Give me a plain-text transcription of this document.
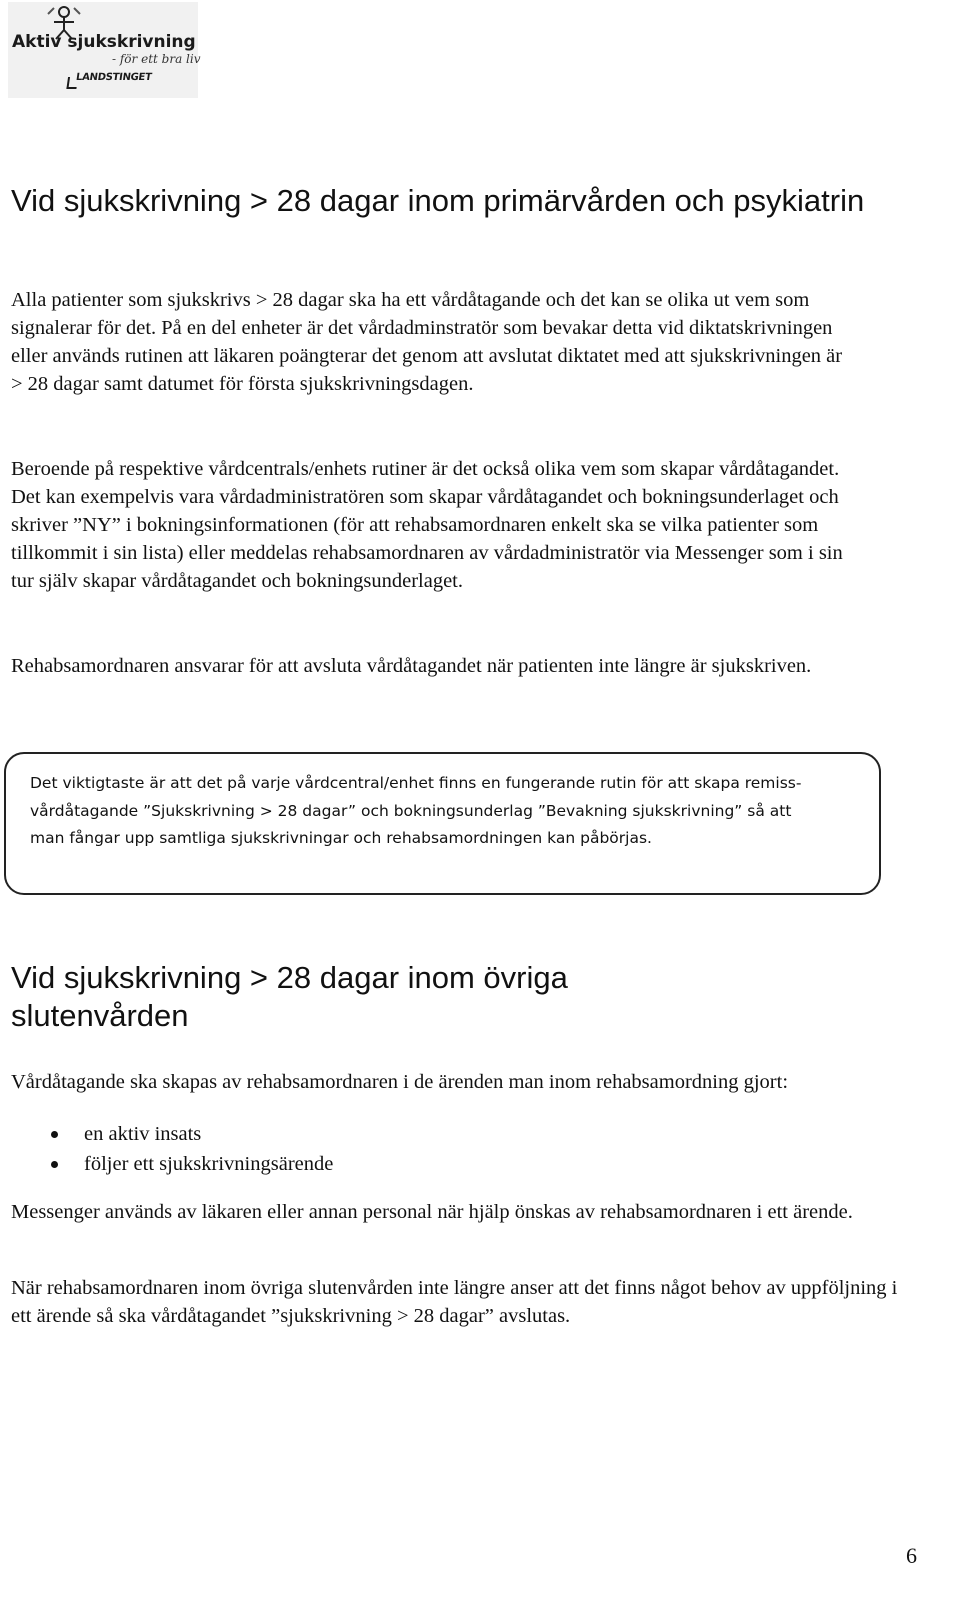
Aktiv sjukskrivning
- för ett bra liv
LANDSTINGET
Vid sjukskrivning > 28 dagar inom primärvården och psykiatrin

Alla patienter som sjukskrivs > 28 dagar ska ha ett vårdåtagande och det kan se olika ut vem som signalerar för det. På en del enheter är det vårdadminstratör som bevakar detta vid diktatskrivningen eller används rutinen att läkaren poängterar det genom att avslutat diktatet med att sjukskrivningen är > 28 dagar samt datumet för första sjukskrivningsdagen.

Beroende på respektive vårdcentrals/enhets rutiner är det också olika vem som skapar vårdåtagandet. Det kan exempelvis vara vårdadministratören som skapar vårdåtagandet och bokningsunderlaget och skriver ”NY” i bokningsinformationen (för att rehabsamordnaren enkelt ska se vilka patienter som tillkommit i sin lista) eller meddelas rehabsamordnaren av vårdadministratör via Messenger som i sin tur själv skapar vårdåtagandet och bokningsunderlaget.

Rehabsamordnaren ansvarar för att avsluta vårdåtagandet när patienten inte längre är sjukskriven.

Det viktigtaste är att det på varje vårdcentral/enhet finns en fungerande rutin för att skapa remiss-vårdåtagande ”Sjukskrivning > 28 dagar” och bokningsunderlag ”Bevakning sjukskrivning” så att man fångar upp samtliga sjukskrivningar och rehabsamordningen kan påbörjas.

Vid sjukskrivning > 28 dagar inom övriga slutenvården

Vårdåtagande ska skapas av rehabsamordnaren i de ärenden man inom rehabsamordning gjort:

en aktiv insats
följer ett sjukskrivningsärende

Messenger används av läkaren eller annan personal när hjälp önskas av rehabsamordnaren i ett ärende.

När rehabsamordnaren inom övriga slutenvården inte längre anser att det finns något behov av uppföljning i ett ärende så ska vårdåtagandet ”sjukskrivning > 28 dagar” avslutas.

6
